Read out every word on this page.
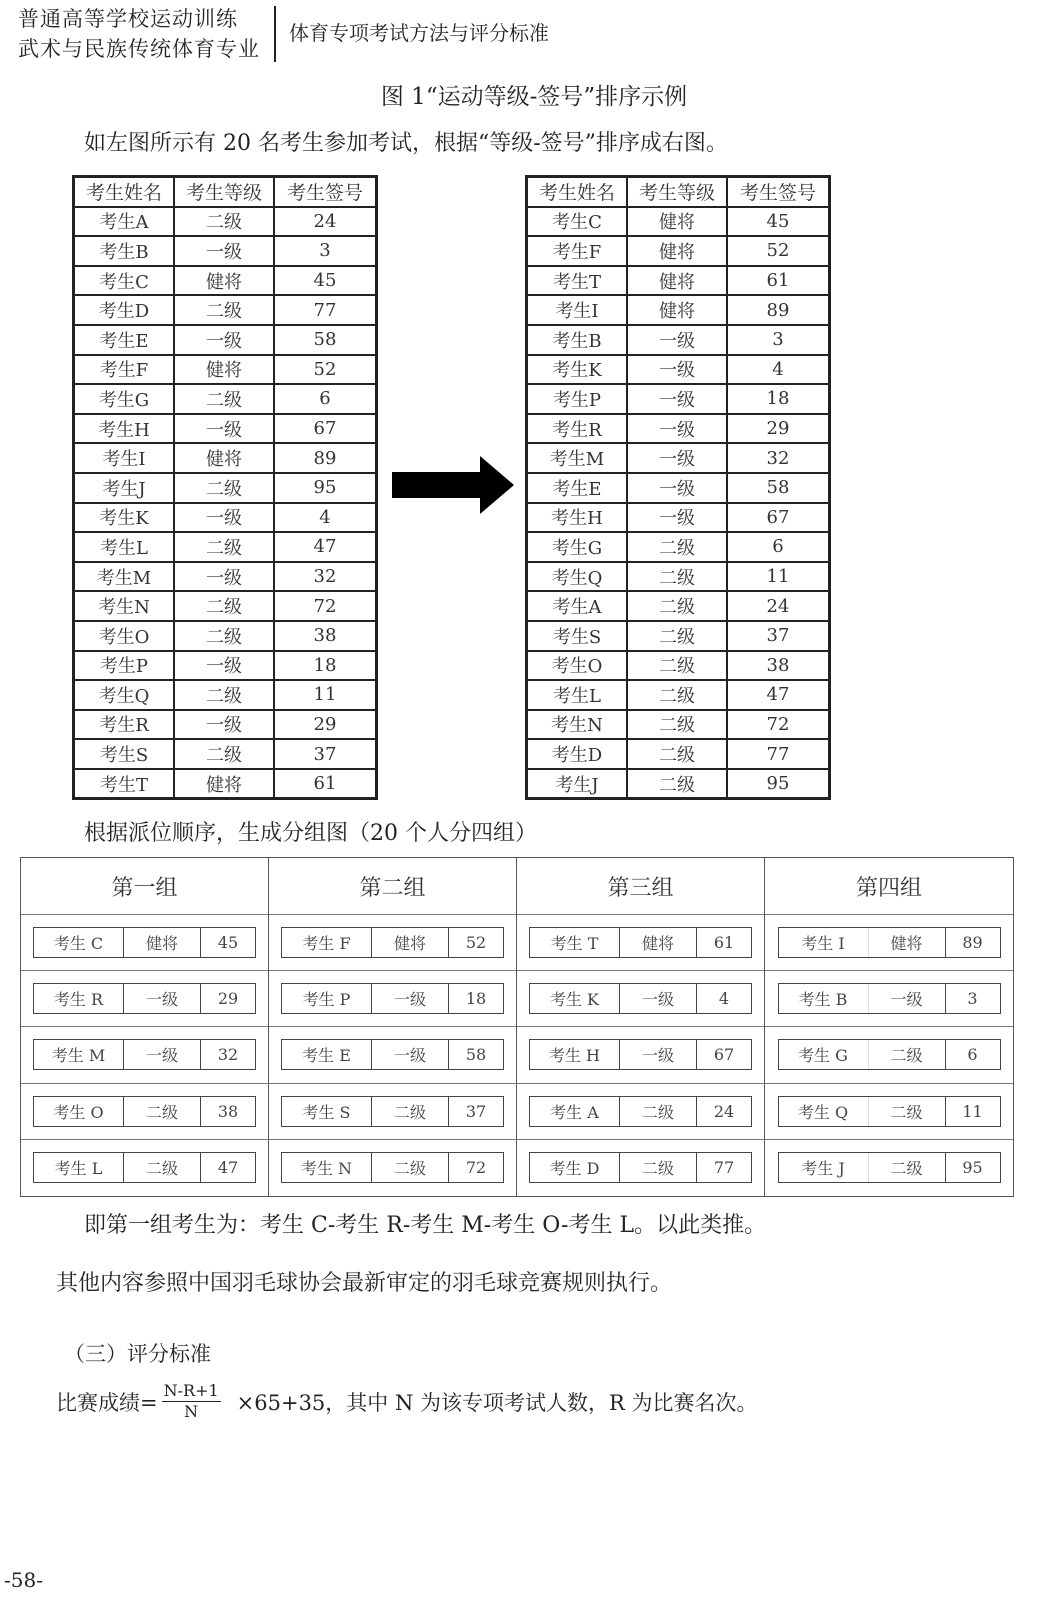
普通高等学校运动训练
武术与民族传统体育专业
体育专项考试方法与评分标准
图 1“运动等级-签号”排序示例
如左图所示有 20 名考生参加考试，根据“等级-签号”排序成右图。
考生姓名	考生等级	考生签号
考生A	二级	24
考生B	一级	3
考生C	健将	45
考生D	二级	77
考生E	一级	58
考生F	健将	52
考生G	二级	6
考生H	一级	67
考生I	健将	89
考生J	二级	95
考生K	一级	4
考生L	二级	47
考生M	一级	32
考生N	二级	72
考生O	二级	38
考生P	一级	18
考生Q	二级	11
考生R	一级	29
考生S	二级	37
考生T	健将	61
考生姓名	考生等级	考生签号
考生C	健将	45
考生F	健将	52
考生T	健将	61
考生I	健将	89
考生B	一级	3
考生K	一级	4
考生P	一级	18
考生R	一级	29
考生M	一级	32
考生E	一级	58
考生H	一级	67
考生G	二级	6
考生Q	二级	11
考生A	二级	24
考生S	二级	37
考生O	二级	38
考生L	二级	47
考生N	二级	72
考生D	二级	77
考生J	二级	95
根据派位顺序，生成分组图（20 个人分四组）
第一组	第二组	第三组	第四组
考生 C	健将	45	考生 F	健将	52	考生 T	健将	61	考生 I	健将	89
考生 R	一级	29	考生 P	一级	18	考生 K	一级	4	考生 B	一级	3
考生 M	一级	32	考生 E	一级	58	考生 H	一级	67	考生 G	二级	6
考生 O	二级	38	考生 S	二级	37	考生 A	二级	24	考生 Q	二级	11
考生 L	二级	47	考生 N	二级	72	考生 D	二级	77	考生 J	二级	95
即第一组考生为：考生 C-考生 R-考生 M-考生 O-考生 L。以此类推。
其他内容参照中国羽毛球协会最新审定的羽毛球竞赛规则执行。
（三）评分标准
比赛成绩= $\frac{N-R+1}{N} \times 65+35$，其中 N 为该专项考试人数，R 为比赛名次。
-58-
